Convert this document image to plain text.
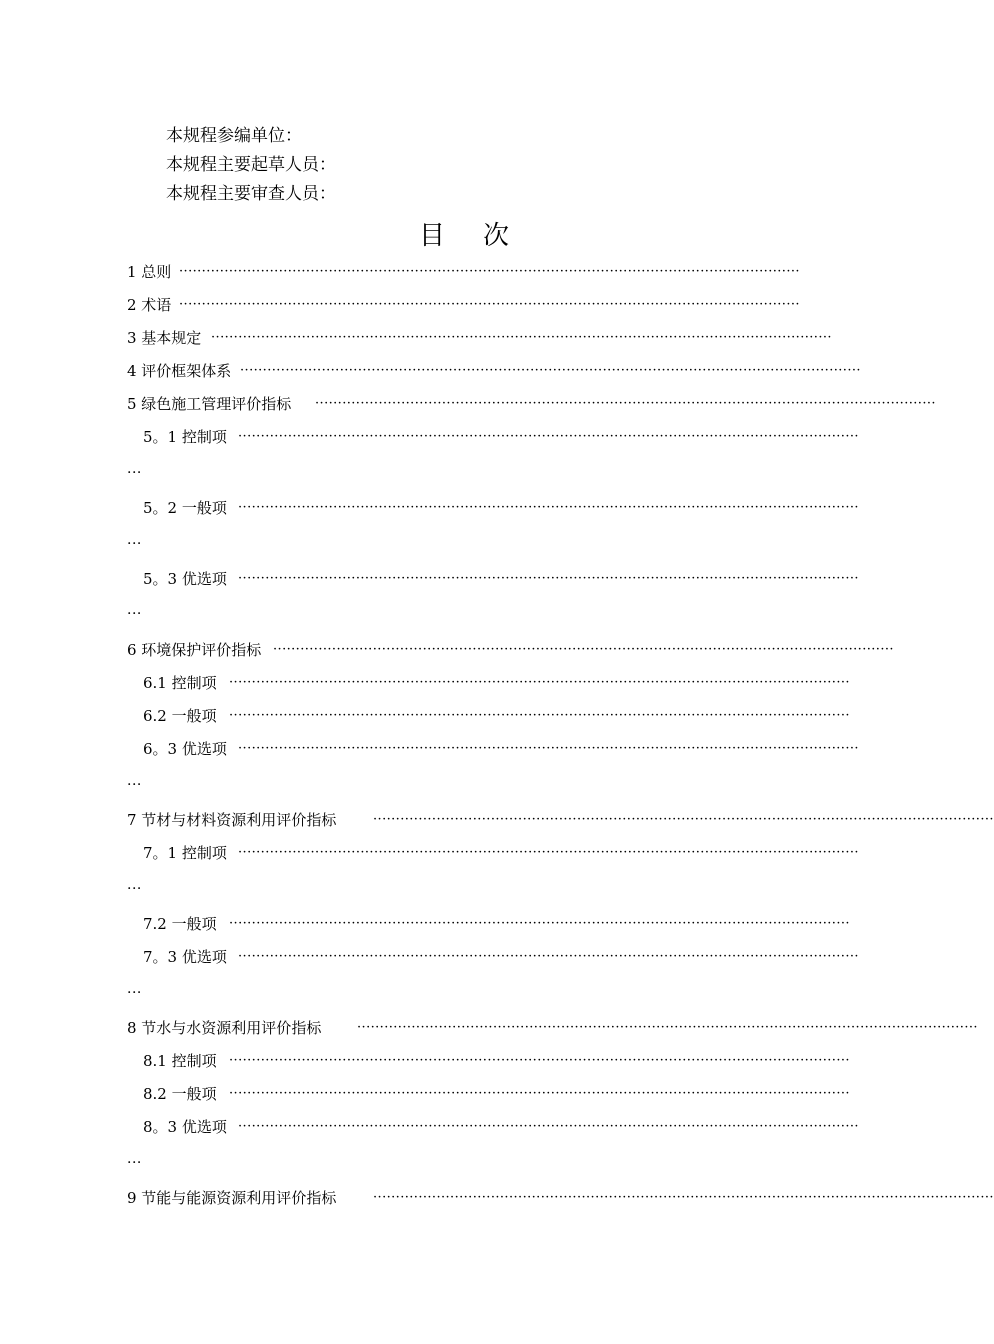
本规程参编单位：
本规程主要起草人员：
本规程主要审查人员：
目次
1 总则 ·········································································································································
2 术语 ·········································································································································
3 基本规定 ·········································································································································
4 评价框架体系 ·········································································································································
5 绿色施工管理评价指标 ·········································································································································
5。1 控制项 ·········································································································································
···
5。2 一般项 ·········································································································································
···
5。3 优选项 ·········································································································································
···
6 环境保护评价指标 ·········································································································································
6.1 控制项 ·········································································································································
6.2 一般项 ·········································································································································
6。3 优选项 ·········································································································································
···
7 节材与材料资源利用评价指标	·········································································································································
7。1 控制项 ·········································································································································
···
7.2 一般项 ·········································································································································
7。3 优选项 ·········································································································································
···
8 节水与水资源利用评价指标	·········································································································································
8.1 控制项 ·········································································································································
8.2 一般项 ·········································································································································
8。3 优选项 ·········································································································································
···
9 节能与能源资源利用评价指标	·········································································································································
